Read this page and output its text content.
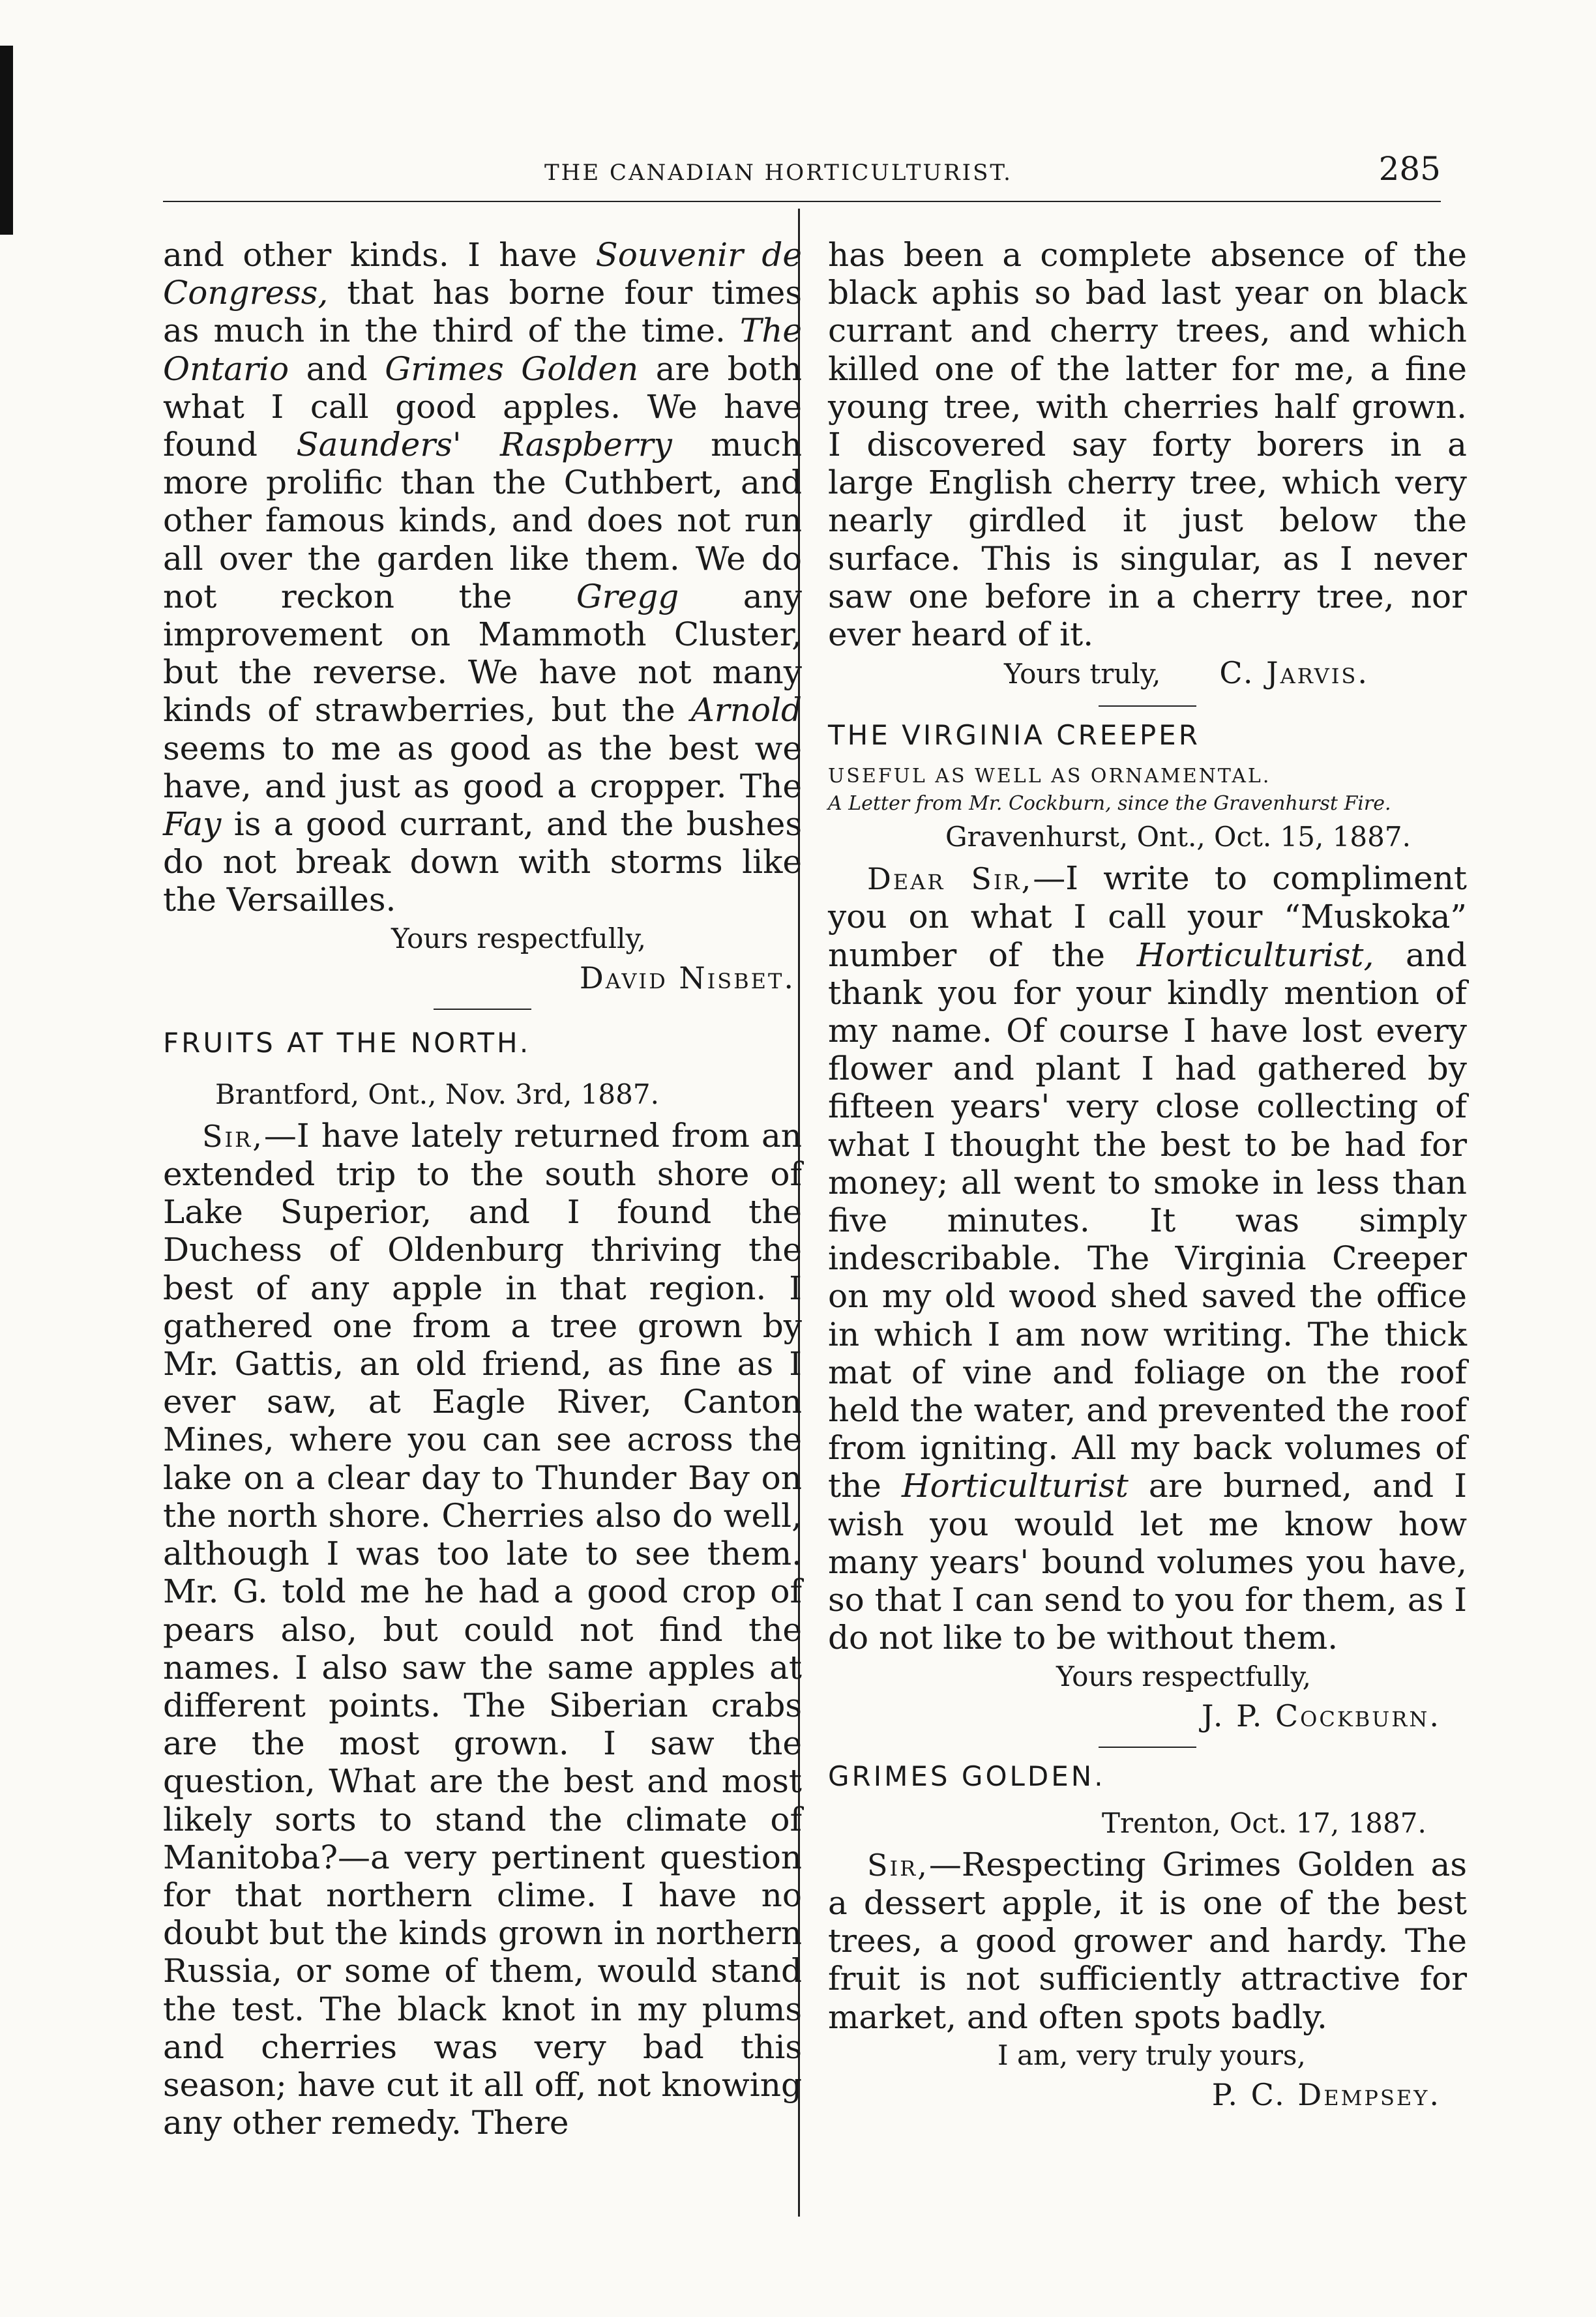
THE CANADIAN HORTICULTURIST.	285

and other kinds. I have Souvenir de Congress, that has borne four times as much in the third of the time. The Ontario and Grimes Golden are both what I call good apples. We have found Saunders' Raspberry much more prolific than the Cuthbert, and other famous kinds, and does not run all over the garden like them. We do not reckon the Gregg any improvement on Mammoth Cluster, but the reverse. We have not many kinds of strawberries, but the Arnold seems to me as good as the best we have, and just as good a cropper. The Fay is a good currant, and the bushes do not break down with storms like the Versailles.

Yours respectfully,

David Nisbet.

FRUITS AT THE NORTH.

Brantford, Ont., Nov. 3rd, 1887.

Sir,—I have lately returned from an extended trip to the south shore of Lake Superior, and I found the Duchess of Oldenburg thriving the best of any apple in that region. I gathered one from a tree grown by Mr. Gattis, an old friend, as fine as I ever saw, at Eagle River, Canton Mines, where you can see across the lake on a clear day to Thunder Bay on the north shore. Cherries also do well, although I was too late to see them. Mr. G. told me he had a good crop of pears also, but could not find the names. I also saw the same apples at different points. The Siberian crabs are the most grown. I saw the question, What are the best and most likely sorts to stand the climate of Manitoba?—a very pertinent question for that northern clime. I have no doubt but the kinds grown in northern Russia, or some of them, would stand the test. The black knot in my plums and cherries was very bad this season; have cut it all off, not knowing any other remedy. There

has been a complete absence of the black aphis so bad last year on black currant and cherry trees, and which killed one of the latter for me, a fine young tree, with cherries half grown. I discovered say forty borers in a large English cherry tree, which very nearly girdled it just below the surface. This is singular, as I never saw one before in a cherry tree, nor ever heard of it.

Yours truly, C. Jarvis.

THE VIRGINIA CREEPER

USEFUL AS WELL AS ORNAMENTAL.

A Letter from Mr. Cockburn, since the Gravenhurst Fire.

Gravenhurst, Ont., Oct. 15, 1887.

Dear Sir,—I write to compliment you on what I call your “Muskoka” number of the Horticulturist, and thank you for your kindly mention of my name. Of course I have lost every flower and plant I had gathered by fifteen years' very close collecting of what I thought the best to be had for money; all went to smoke in less than five minutes. It was simply indescribable. The Virginia Creeper on my old wood shed saved the office in which I am now writing. The thick mat of vine and foliage on the roof held the water, and prevented the roof from igniting. All my back volumes of the Horticulturist are burned, and I wish you would let me know how many years' bound volumes you have, so that I can send to you for them, as I do not like to be without them.

Yours respectfully,

J. P. Cockburn.

GRIMES GOLDEN.

Trenton, Oct. 17, 1887.

Sir,—Respecting Grimes Golden as a dessert apple, it is one of the best trees, a good grower and hardy. The fruit is not sufficiently attractive for market, and often spots badly.

I am, very truly yours,

P. C. Dempsey.
